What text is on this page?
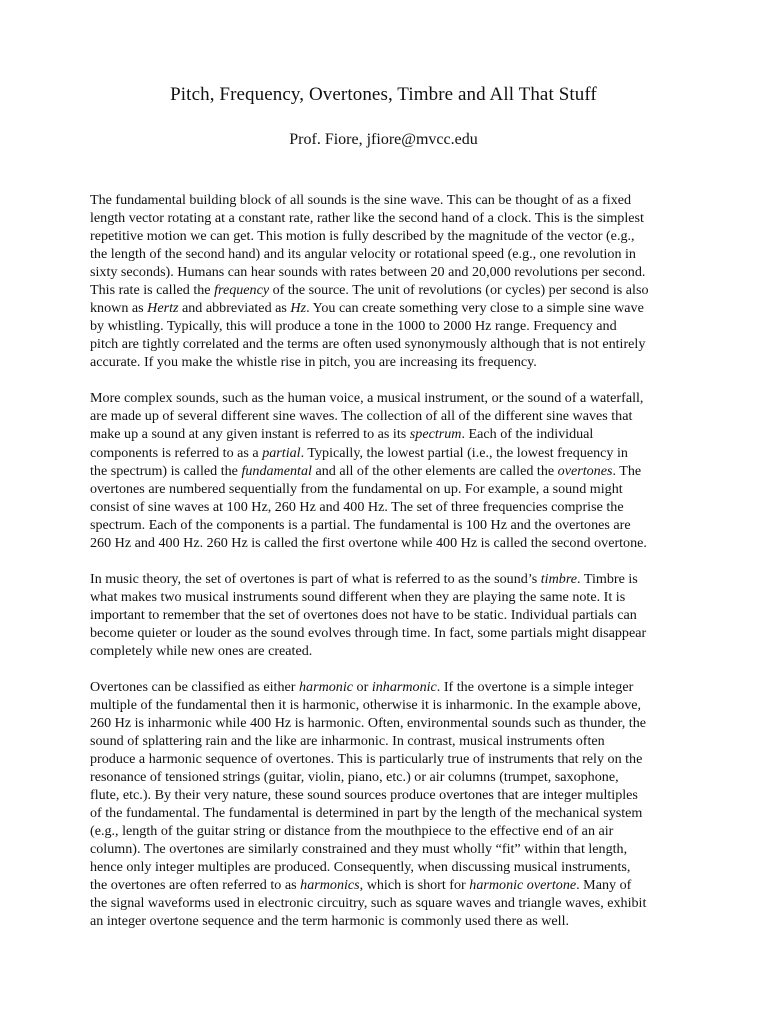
Pitch, Frequency, Overtones, Timbre and All That Stuff
Prof. Fiore, jfiore@mvcc.edu

The fundamental building block of all sounds is the sine wave. This can be thought of as a fixed
length vector rotating at a constant rate, rather like the second hand of a clock. This is the simplest
repetitive motion we can get. This motion is fully described by the magnitude of the vector (e.g.,
the length of the second hand) and its angular velocity or rotational speed (e.g., one revolution in
sixty seconds). Humans can hear sounds with rates between 20 and 20,000 revolutions per second.
This rate is called the frequency of the source. The unit of revolutions (or cycles) per second is also
known as Hertz and abbreviated as Hz. You can create something very close to a simple sine wave
by whistling. Typically, this will produce a tone in the 1000 to 2000 Hz range. Frequency and
pitch are tightly correlated and the terms are often used synonymously although that is not entirely
accurate. If you make the whistle rise in pitch, you are increasing its frequency.

More complex sounds, such as the human voice, a musical instrument, or the sound of a waterfall,
are made up of several different sine waves. The collection of all of the different sine waves that
make up a sound at any given instant is referred to as its spectrum. Each of the individual
components is referred to as a partial. Typically, the lowest partial (i.e., the lowest frequency in
the spectrum) is called the fundamental and all of the other elements are called the overtones. The
overtones are numbered sequentially from the fundamental on up. For example, a sound might
consist of sine waves at 100 Hz, 260 Hz and 400 Hz. The set of three frequencies comprise the
spectrum. Each of the components is a partial. The fundamental is 100 Hz and the overtones are
260 Hz and 400 Hz. 260 Hz is called the first overtone while 400 Hz is called the second overtone.

In music theory, the set of overtones is part of what is referred to as the sound’s timbre. Timbre is
what makes two musical instruments sound different when they are playing the same note. It is
important to remember that the set of overtones does not have to be static. Individual partials can
become quieter or louder as the sound evolves through time. In fact, some partials might disappear
completely while new ones are created.

Overtones can be classified as either harmonic or inharmonic. If the overtone is a simple integer
multiple of the fundamental then it is harmonic, otherwise it is inharmonic. In the example above,
260 Hz is inharmonic while 400 Hz is harmonic. Often, environmental sounds such as thunder, the
sound of splattering rain and the like are inharmonic. In contrast, musical instruments often
produce a harmonic sequence of overtones. This is particularly true of instruments that rely on the
resonance of tensioned strings (guitar, violin, piano, etc.) or air columns (trumpet, saxophone,
flute, etc.). By their very nature, these sound sources produce overtones that are integer multiples
of the fundamental. The fundamental is determined in part by the length of the mechanical system
(e.g., length of the guitar string or distance from the mouthpiece to the effective end of an air
column). The overtones are similarly constrained and they must wholly “fit” within that length,
hence only integer multiples are produced. Consequently, when discussing musical instruments,
the overtones are often referred to as harmonics, which is short for harmonic overtone. Many of
the signal waveforms used in electronic circuitry, such as square waves and triangle waves, exhibit
an integer overtone sequence and the term harmonic is commonly used there as well.
